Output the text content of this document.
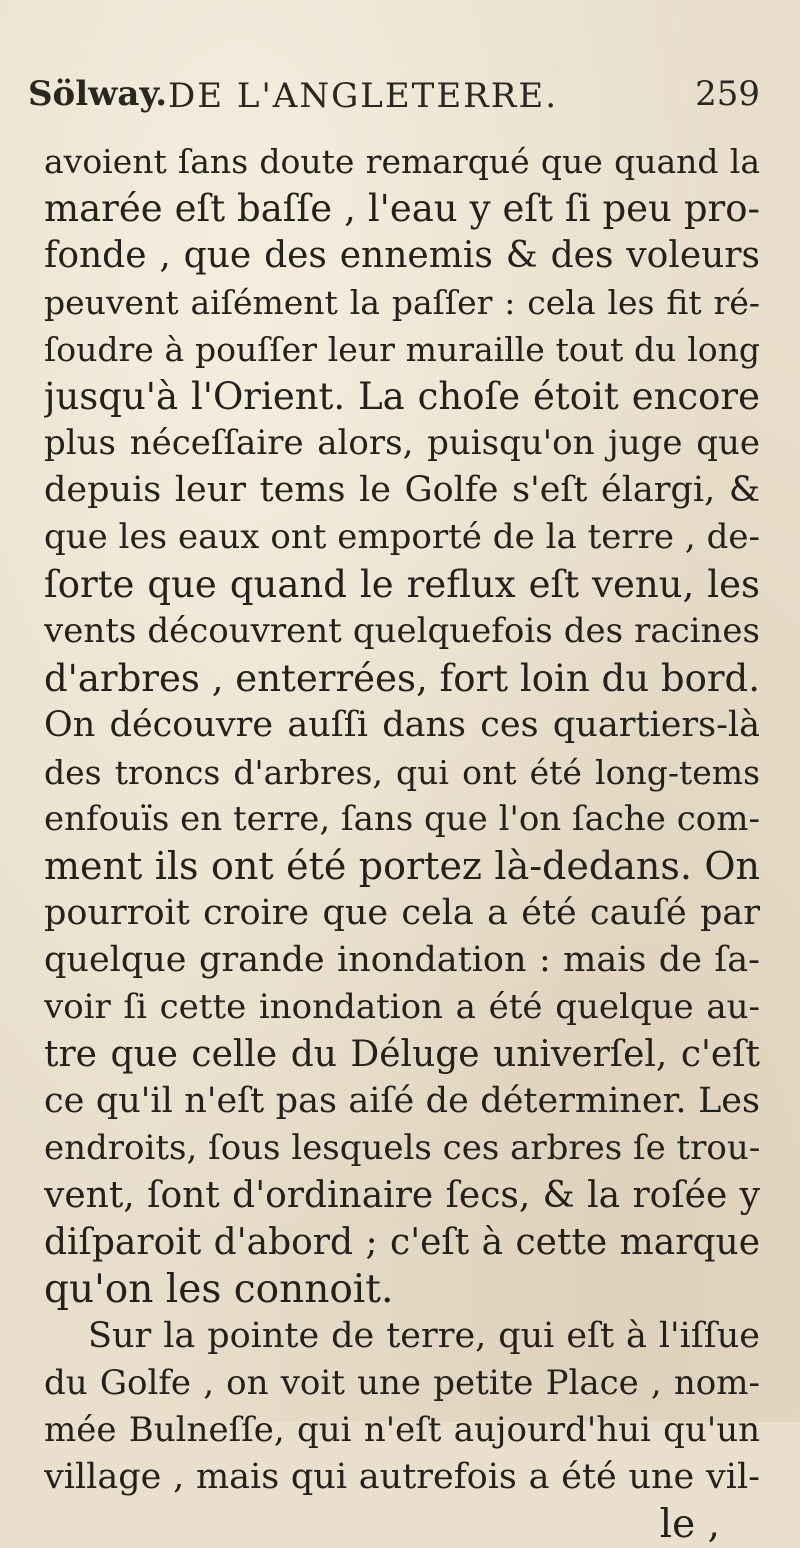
Sölway. DE L'ANGLETERRE.	259
avoient ſans doute remarqué que quand la
marée eſt baſſe , l'eau y eſt ſi peu pro-
fonde , que des ennemis & des voleurs
peuvent aiſément la paſſer : cela les fit ré-
ſoudre à pouſſer leur muraille tout du long
jusqu'à l'Orient. La choſe étoit encore
plus néceſſaire alors, puisqu'on juge que
depuis leur tems le Golfe s'eſt élargi, &
que les eaux ont emporté de la terre , de-
ſorte que quand le reflux eſt venu, les
vents découvrent quelquefois des racines
d'arbres , enterrées, fort loin du bord.
On découvre auſſi dans ces quartiers-là
des troncs d'arbres, qui ont été long-tems
enfouïs en terre, ſans que l'on ſache com-
ment ils ont été portez là-dedans. On
pourroit croire que cela a été cauſé par
quelque grande inondation : mais de ſa-
voir ſi cette inondation a été quelque au-
tre que celle du Déluge univerſel, c'eſt
ce qu'il n'eſt pas aiſé de déterminer. Les
endroits, ſous lesquels ces arbres ſe trou-
vent, ſont d'ordinaire ſecs, & la roſée y
diſparoit d'abord ; c'eſt à cette marque
qu'on les connoit.
Sur la pointe de terre, qui eſt à l'iſſue
du Golfe , on voit une petite Place , nom-
mée Bulneſſe, qui n'eſt aujourd'hui qu'un
village , mais qui autrefois a été une vil-
le ,
